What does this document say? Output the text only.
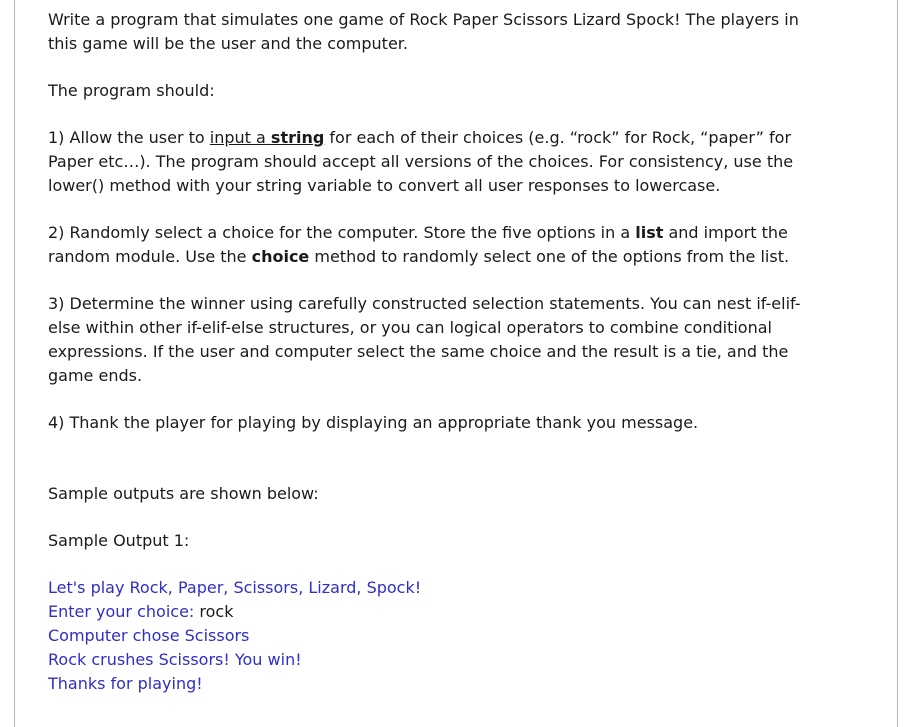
Write a program that simulates one game of Rock Paper Scissors Lizard Spock! The players in this game will be the user and the computer.

The program should:

1) Allow the user to input a string for each of their choices (e.g. “rock” for Rock, “paper” for Paper etc…). The program should accept all versions of the choices. For consistency, use the lower() method with your string variable to convert all user responses to lowercase.

2) Randomly select a choice for the computer. Store the five options in a list and import the random module. Use the choice method to randomly select one of the options from the list.

3) Determine the winner using carefully constructed selection statements. You can nest if-elif-else within other if-elif-else structures, or you can logical operators to combine conditional expressions. If the user and computer select the same choice and the result is a tie, and the game ends.

4) Thank the player for playing by displaying an appropriate thank you message.

Sample outputs are shown below:

Sample Output 1:

Let's play Rock, Paper, Scissors, Lizard, Spock!
Enter your choice: rock
Computer chose Scissors
Rock crushes Scissors! You win!
Thanks for playing!
